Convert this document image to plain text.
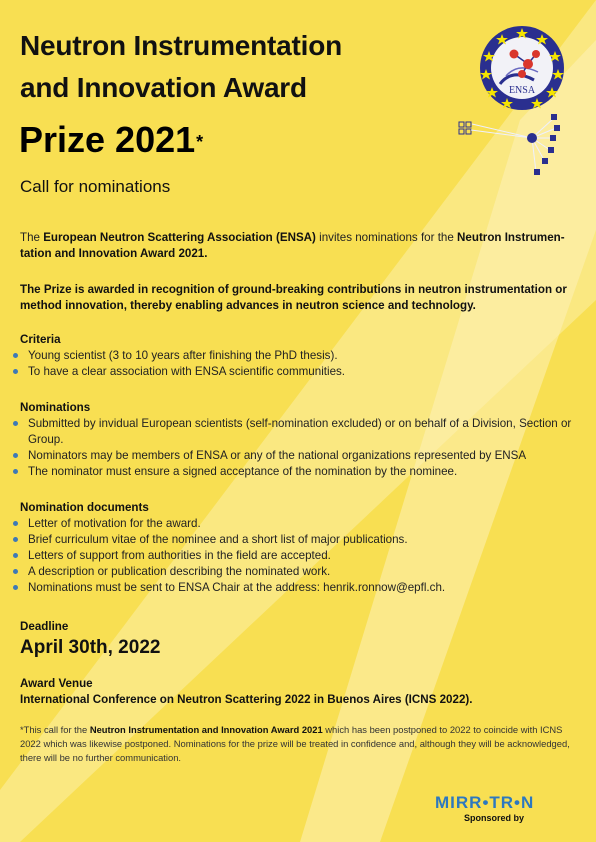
Neutron Instrumentation
and Innovation Award
Prize 2021*
Call for nominations
ENSA
The European Neutron Scattering Association (ENSA) invites nominations for the Neutron Instrumen-tation and Innovation Award 2021.
The Prize is awarded in recognition of ground-breaking contributions in neutron instrumentation or method innovation, thereby enabling advances in neutron science and technology.
Criteria
Young scientist (3 to 10 years after finishing the PhD thesis).
To have a clear association with ENSA scientific communities.
Nominations
Submitted by invidual European scientists (self-nomination excluded) or on behalf of a Division, Section or Group.
Nominators may be members of ENSA or any of the national organizations represented by ENSA
The nominator must ensure a signed acceptance of the nomination by the nominee.
Nomination documents
Letter of motivation for the award.
Brief curriculum vitae of the nominee and a short list of major publications.
Letters of support from authorities in the field are accepted.
A description or publication describing the nominated work.
Nominations must be sent to ENSA Chair at the address: henrik.ronnow@epfl.ch.
Deadline
April 30th, 2022
Award Venue
International Conference on Neutron Scattering 2022 in Buenos Aires (ICNS 2022).
*This call for the Neutron Instrumentation and Innovation Award 2021 which has been postponed to 2022 to coincide with ICNS 2022 which was likewise postponed. Nominations for the prize will be treated in confidence and, although they will be acknowledged, there will be no further communication.
MIRR•TR•N
Sponsored by
